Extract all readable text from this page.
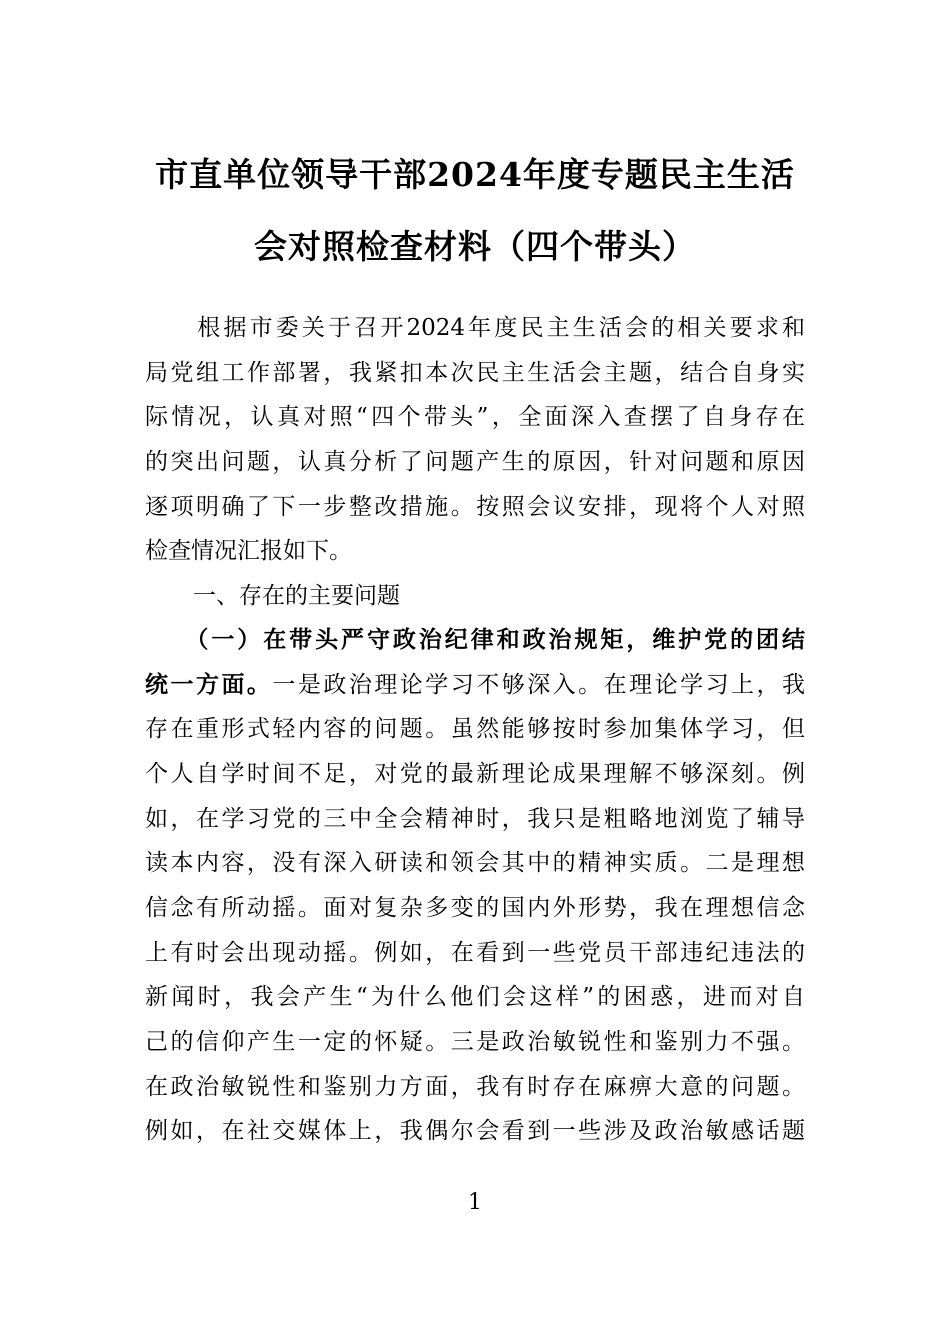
市直单位领导干部2024年度专题民主生活
会对照检查材料（四个带头）
　　根据市委关于召开2024年度民主生活会的相关要求和
局党组工作部署，我紧扣本次民主生活会主题，结合自身实
际情况，认真对照“四个带头”，全面深入查摆了自身存在
的突出问题，认真分析了问题产生的原因，针对问题和原因
逐项明确了下一步整改措施。按照会议安排，现将个人对照
检查情况汇报如下。
一、存在的主要问题
　　（一）在带头严守政治纪律和政治规矩，维护党的团结
统一方面。一是政治理论学习不够深入。在理论学习上，我
存在重形式轻内容的问题。虽然能够按时参加集体学习，但
个人自学时间不足，对党的最新理论成果理解不够深刻。例
如，在学习党的三中全会精神时，我只是粗略地浏览了辅导
读本内容，没有深入研读和领会其中的精神实质。二是理想
信念有所动摇。面对复杂多变的国内外形势，我在理想信念
上有时会出现动摇。例如，在看到一些党员干部违纪违法的
新闻时，我会产生“为什么他们会这样”的困惑，进而对自
己的信仰产生一定的怀疑。三是政治敏锐性和鉴别力不强。
在政治敏锐性和鉴别力方面，我有时存在麻痹大意的问题。
例如，在社交媒体上，我偶尔会看到一些涉及政治敏感话题
1
